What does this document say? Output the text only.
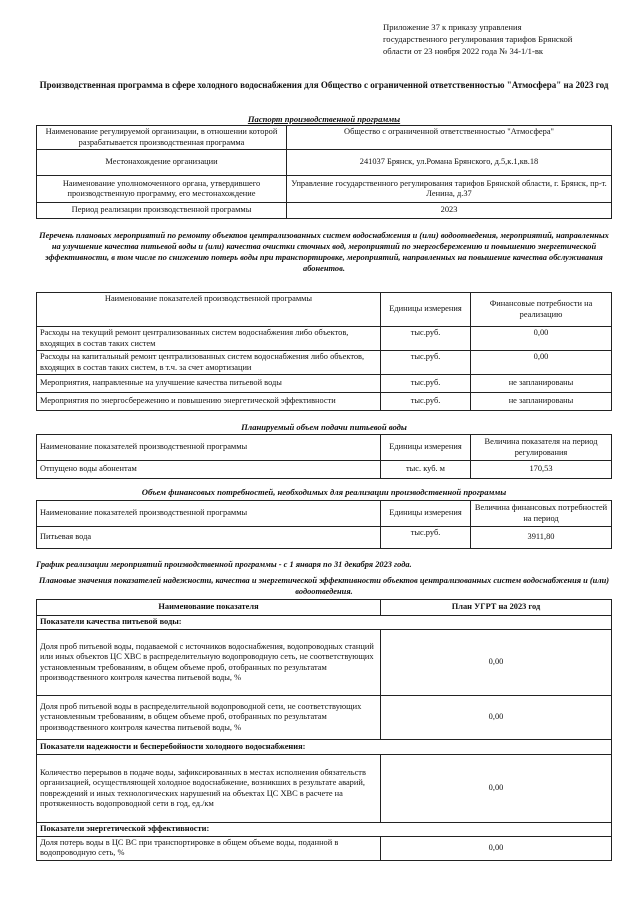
Приложение 37 к приказу управления
государственного регулирования тарифов Брянской
области от 23 ноября 2022 года № 34-1/1-вк
Производственная программа в сфере холодного водоснабжения для Общество с ограниченной ответственностью "Атмосфера" на 2023 год
Паспорт производственной программы
Наименование регулируемой организации, в отношении которой разрабатывается производственная программа	Общество с ограниченной ответственностью "Атмосфера"
Местонахождение организации	241037 Брянск, ул.Романа Брянского, д.5,к.1,кв.18
Наименование уполномоченного органа, утвердившего производственную программу, его местонахождение	Управление государственного регулирования тарифов Брянской области, г. Брянск, пр-т. Ленина, д.37
Период реализации производственной программы	2023
Перечень плановых мероприятий по ремонту объектов централизованных систем водоснабжения и (или) водоотведения, мероприятий, направленных на улучшение качества питьевой воды и (или) качества очистки сточных вод, мероприятий по энергосбережению и повышению энергетической эффективности, в том числе по снижению потерь воды при транспортировке, мероприятий, направленных на повышение качества обслуживания абонентов.
Наименование показателей производственной программы	Единицы измерения	Финансовые потребности на реализацию
Расходы на текущий ремонт централизованных систем водоснабжения либо объектов, входящих в состав таких систем	тыс.руб.	0,00
Расходы на капитальный ремонт централизованных систем водоснабжения либо объектов, входящих в состав таких систем, в т.ч. за счет амортизации	тыс.руб.	0,00
Мероприятия, направленные на улучшение качества питьевой воды	тыс.руб.	не запланированы
Мероприятия по энергосбережению и повышению энергетической эффективности	тыс.руб.	не запланированы
Планируемый объем подачи питьевой воды
Наименование показателей производственной программы	Единицы измерения	Величина показателя на период регулирования
Отпущено воды абонентам	тыс. куб. м	170,53
Объем финансовых потребностей, необходимых для реализации производственной программы
Наименование показателей производственной программы	Единицы измерения	Величина финансовых потребностей на период
Питьевая вода	тыс.руб.	3911,80
График реализации мероприятий производственной программы - с 1 января по 31 декабря 2023 года.
Плановые значения показателей надежности, качества и энергетической эффективности объектов централизованных систем водоснабжения и (или) водоотведения.
Наименование показателя	План УГРТ на 2023 год
Показатели качества питьевой воды:	
Доля проб питьевой воды, подаваемой с источников водоснабжения, водопроводных станций или иных объектов ЦС ХВС в распределительную водопроводную сеть, не соответствующих установленным требованиям, в общем объеме проб, отобранных по результатам производственного контроля качества питьевой воды, %	0,00
Доля проб питьевой воды в распределительной водопроводной сети, не соответствующих установленным требованиям, в общем объеме проб, отобранных по результатам производственного контроля качества питьевой воды, %	0,00
Показатели надежности и бесперебойности холодного водоснабжения:	
Количество перерывов в подаче воды, зафиксированных в местах исполнения обязательств организацией, осуществляющей холодное водоснабжение, возникших в результате аварий, повреждений и иных технологических нарушений на объектах ЦС ХВС в расчете на протяженность водопроводной сети в год, ед./км	0,00
Показатели энергетической эффективности:	
Доля потерь воды в ЦС ВС при транспортировке в общем объеме воды, поданной в водопроводную сеть, %	0,00
